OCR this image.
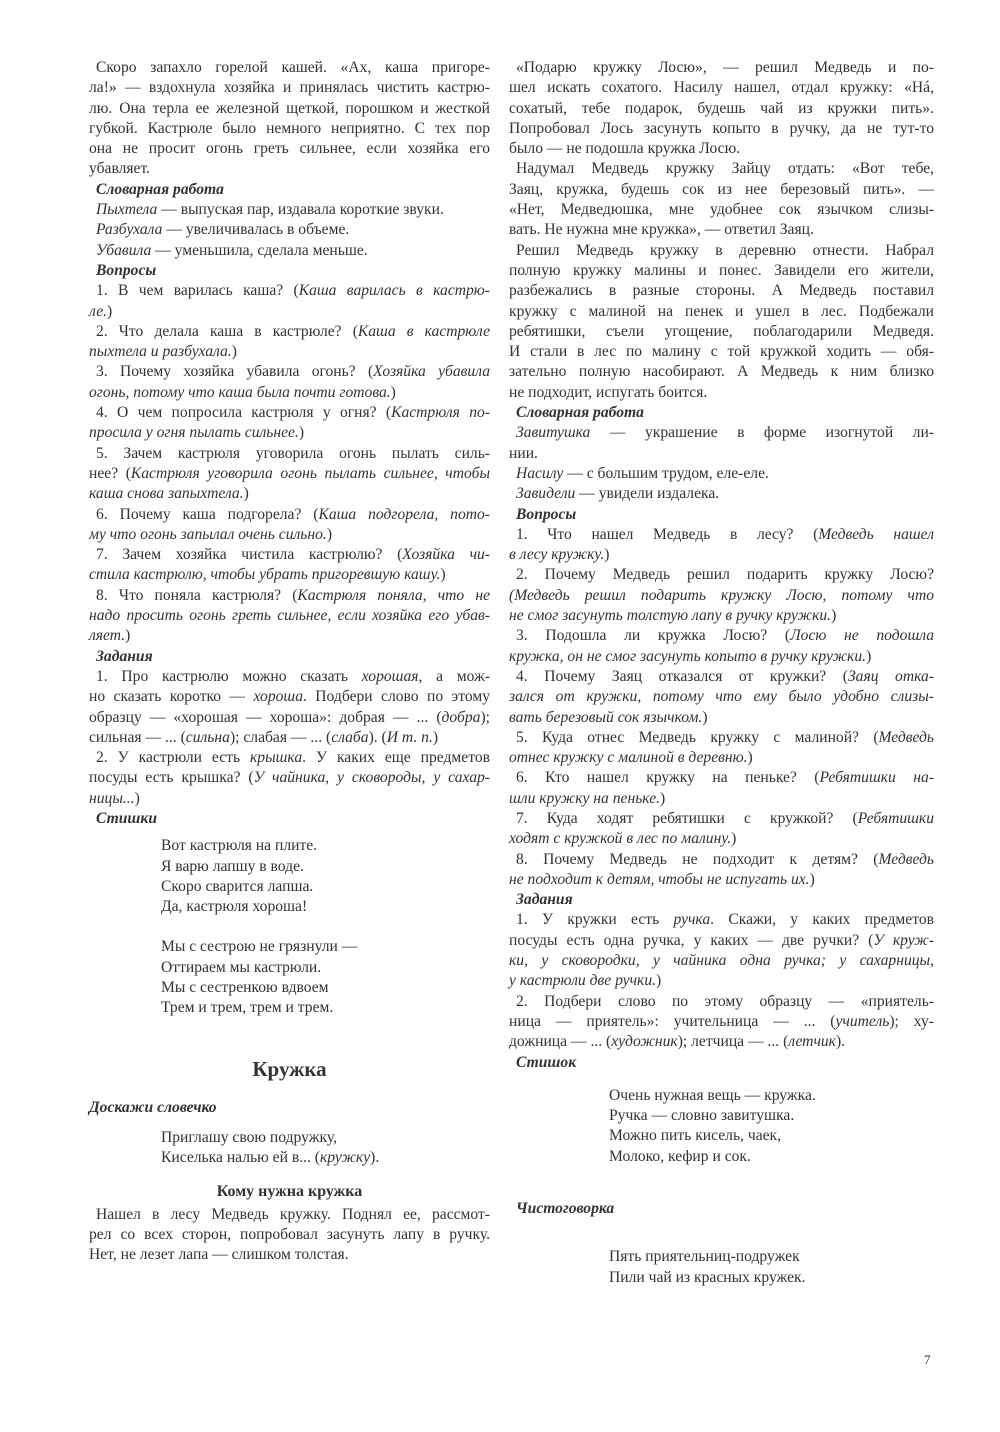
Скоро запахло горелой кашей. «Ах, каша пригоре-
ла!» — вздохнула хозяйка и принялась чистить кастрю-
лю. Она терла ее железной щеткой, порошком и жесткой
губкой. Кастрюле было немного неприятно. С тех пор
она не просит огонь греть сильнее, если хозяйка его
убавляет.
Словарная работа
Пыхтела — выпуская пар, издавала короткие звуки.
Разбухала — увеличивалась в объеме.
Убавила — уменьшила, сделала меньше.
Вопросы
1. В чем варилась каша? (Каша варилась в кастрю-
ле.)
2. Что делала каша в кастрюле? (Каша в кастрюле
пыхтела и разбухала.)
3. Почему хозяйка убавила огонь? (Хозяйка убавила
огонь, потому что каша была почти готова.)
4. О чем попросила кастрюля у огня? (Кастрюля по-
просила у огня пылать сильнее.)
5. Зачем кастрюля уговорила огонь пылать силь-
нее? (Кастрюля уговорила огонь пылать сильнее, чтобы
каша снова запыхтела.)
6. Почему каша подгорела? (Каша подгорела, пото-
му что огонь запылал очень сильно.)
7. Зачем хозяйка чистила кастрюлю? (Хозяйка чи-
стила кастрюлю, чтобы убрать пригоревшую кашу.)
8. Что поняла кастрюля? (Кастрюля поняла, что не
надо просить огонь греть сильнее, если хозяйка его убав-
ляет.)
Задания
1. Про кастрюлю можно сказать хорошая, а мож-
но сказать коротко — хороша. Подбери слово по этому
образцу — «хорошая — хороша»: добрая — ... (добра);
сильная — ... (сильна); слабая — ... (слаба). (И т. п.)
2. У кастрюли есть крышка. У каких еще предметов
посуды есть крышка? (У чайника, у сковороды, у сахар-
ницы...)
Стишки
Вот кастрюля на плите.
Я варю лапшу в воде.
Скоро сварится лапша.
Да, кастрюля хороша!
Мы с сестрою не грязнули —
Оттираем мы кастрюли.
Мы с сестренкою вдвоем
Трем и трем, трем и трем.
Кружка
Доскажи словечко
Приглашу свою подружку,
Киселька налью ей в... (кружку).
Кому нужна кружка
Нашел в лесу Медведь кружку. Поднял ее, рассмот-
рел со всех сторон, попробовал засунуть лапу в ручку.
Нет, не лезет лапа — слишком толстая.
«Подарю кружку Лосю», — решил Медведь и по-
шел искать сохатого. Насилу нашел, отдал кружку: «Нá,
сохатый, тебе подарок, будешь чай из кружки пить».
Попробовал Лось засунуть копыто в ручку, да не тут-то
было — не подошла кружка Лосю.
Надумал Медведь кружку Зайцу отдать: «Вот тебе,
Заяц, кружка, будешь сок из нее березовый пить». —
«Нет, Медведюшка, мне удобнее сок язычком слизы-
вать. Не нужна мне кружка», — ответил Заяц.
Решил Медведь кружку в деревню отнести. Набрал
полную кружку малины и понес. Завидели его жители,
разбежались в разные стороны. А Медведь поставил
кружку с малиной на пенек и ушел в лес. Подбежали
ребятишки, съели угощение, поблагодарили Медведя.
И стали в лес по малину с той кружкой ходить — обя-
зательно полную насобирают. А Медведь к ним близко
не подходит, испугать боится.
Словарная работа
Завитушка — украшение в форме изогнутой ли-
нии.
Насилу — с большим трудом, еле-еле.
Завидели — увидели издалека.
Вопросы
1. Что нашел Медведь в лесу? (Медведь нашел
в лесу кружку.)
2. Почему Медведь решил подарить кружку Лосю?
(Медведь решил подарить кружку Лосю, потому что
не смог засунуть толстую лапу в ручку кружки.)
3. Подошла ли кружка Лосю? (Лосю не подошла
кружка, он не смог засунуть копыто в ручку кружки.)
4. Почему Заяц отказался от кружки? (Заяц отка-
зался от кружки, потому что ему было удобно слизы-
вать березовый сок язычком.)
5. Куда отнес Медведь кружку с малиной? (Медведь
отнес кружку с малиной в деревню.)
6. Кто нашел кружку на пеньке? (Ребятишки на-
шли кружку на пеньке.)
7. Куда ходят ребятишки с кружкой? (Ребятишки
ходят с кружкой в лес по малину.)
8. Почему Медведь не подходит к детям? (Медведь
не подходит к детям, чтобы не испугать их.)
Задания
1. У кружки есть ручка. Скажи, у каких предметов
посуды есть одна ручка, у каких — две ручки? (У круж-
ки, у сковородки, у чайника одна ручка; у сахарницы,
у кастрюли две ручки.)
2. Подбери слово по этому образцу — «приятель-
ница — приятель»: учительница — ... (учитель); ху-
дожница — ... (художник); летчица — ... (летчик).
Стишок
Очень нужная вещь — кружка.
Ручка — словно завитушка.
Можно пить кисель, чаек,
Молоко, кефир и сок.
Чистоговорка
Пять приятельниц-подружек
Пили чай из красных кружек.
7
